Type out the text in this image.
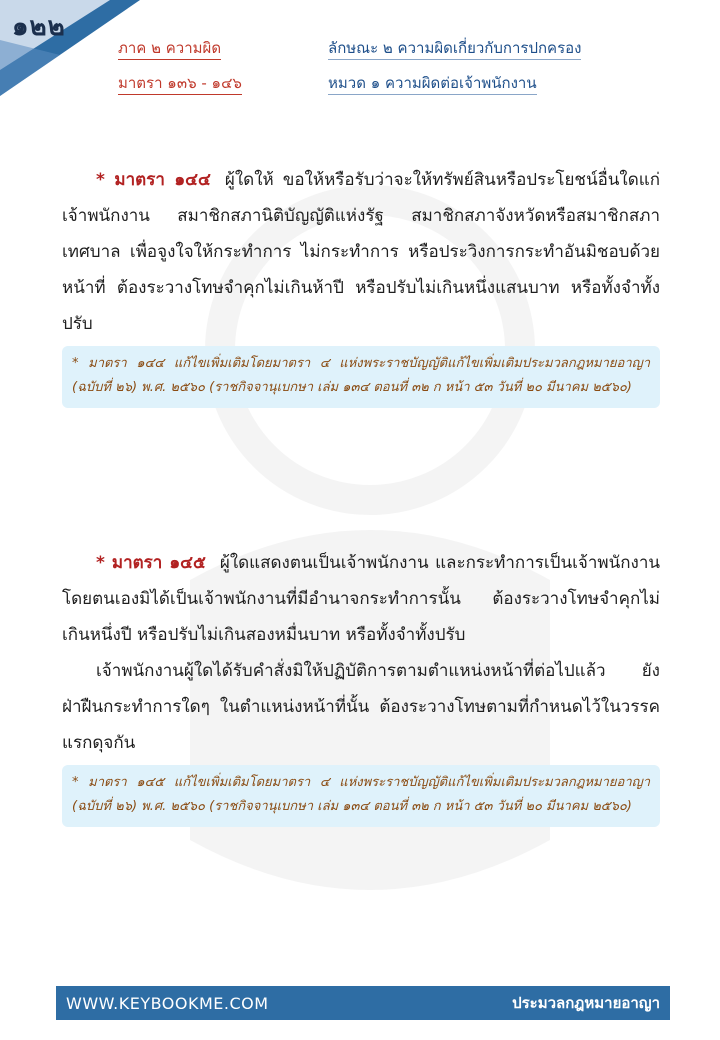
๑๒๒
ภาค ๒ ความผิด	ลักษณะ ๒ ความผิดเกี่ยวกับการปกครอง
มาตรา ๑๓๖ - ๑๔๖	หมวด ๑ ความผิดต่อเจ้าพนักงาน

* มาตรา ๑๔๔ ผู้ใดให้ ขอให้หรือรับว่าจะให้ทรัพย์สินหรือประโยชน์อื่นใดแก่เจ้าพนักงาน สมาชิกสภานิติบัญญัติแห่งรัฐ สมาชิกสภาจังหวัดหรือสมาชิกสภาเทศบาล เพื่อจูงใจให้กระทำการ ไม่กระทำการ หรือประวิงการกระทำอันมิชอบด้วยหน้าที่ ต้องระวางโทษจำคุกไม่เกินห้าปี หรือปรับไม่เกินหนึ่งแสนบาท หรือทั้งจำทั้งปรับ

* มาตรา ๑๔๔ แก้ไขเพิ่มเติมโดยมาตรา ๔ แห่งพระราชบัญญัติแก้ไขเพิ่มเติมประมวลกฎหมายอาญา (ฉบับที่ ๒๖) พ.ศ. ๒๕๖๐ (ราชกิจจานุเบกษา เล่ม ๑๓๔ ตอนที่ ๓๒ ก หน้า ๕๓ วันที่ ๒๐ มีนาคม ๒๕๖๐)

* มาตรา ๑๔๕ ผู้ใดแสดงตนเป็นเจ้าพนักงาน และกระทำการเป็นเจ้าพนักงาน โดยตนเองมิได้เป็นเจ้าพนักงานที่มีอำนาจกระทำการนั้น ต้องระวางโทษจำคุกไม่เกินหนึ่งปี หรือปรับไม่เกินสองหมื่นบาท หรือทั้งจำทั้งปรับ

เจ้าพนักงานผู้ใดได้รับคำสั่งมิให้ปฏิบัติการตามตำแหน่งหน้าที่ต่อไปแล้ว ยังฝ่าฝืนกระทำการใดๆ ในตำแหน่งหน้าที่นั้น ต้องระวางโทษตามที่กำหนดไว้ในวรรคแรกดุจกัน

* มาตรา ๑๔๕ แก้ไขเพิ่มเติมโดยมาตรา ๔ แห่งพระราชบัญญัติแก้ไขเพิ่มเติมประมวลกฎหมายอาญา (ฉบับที่ ๒๖) พ.ศ. ๒๕๖๐ (ราชกิจจานุเบกษา เล่ม ๑๓๔ ตอนที่ ๓๒ ก หน้า ๕๓ วันที่ ๒๐ มีนาคม ๒๕๖๐)
WWW.KEYBOOKME.COM	ประมวลกฎหมายอาญา
